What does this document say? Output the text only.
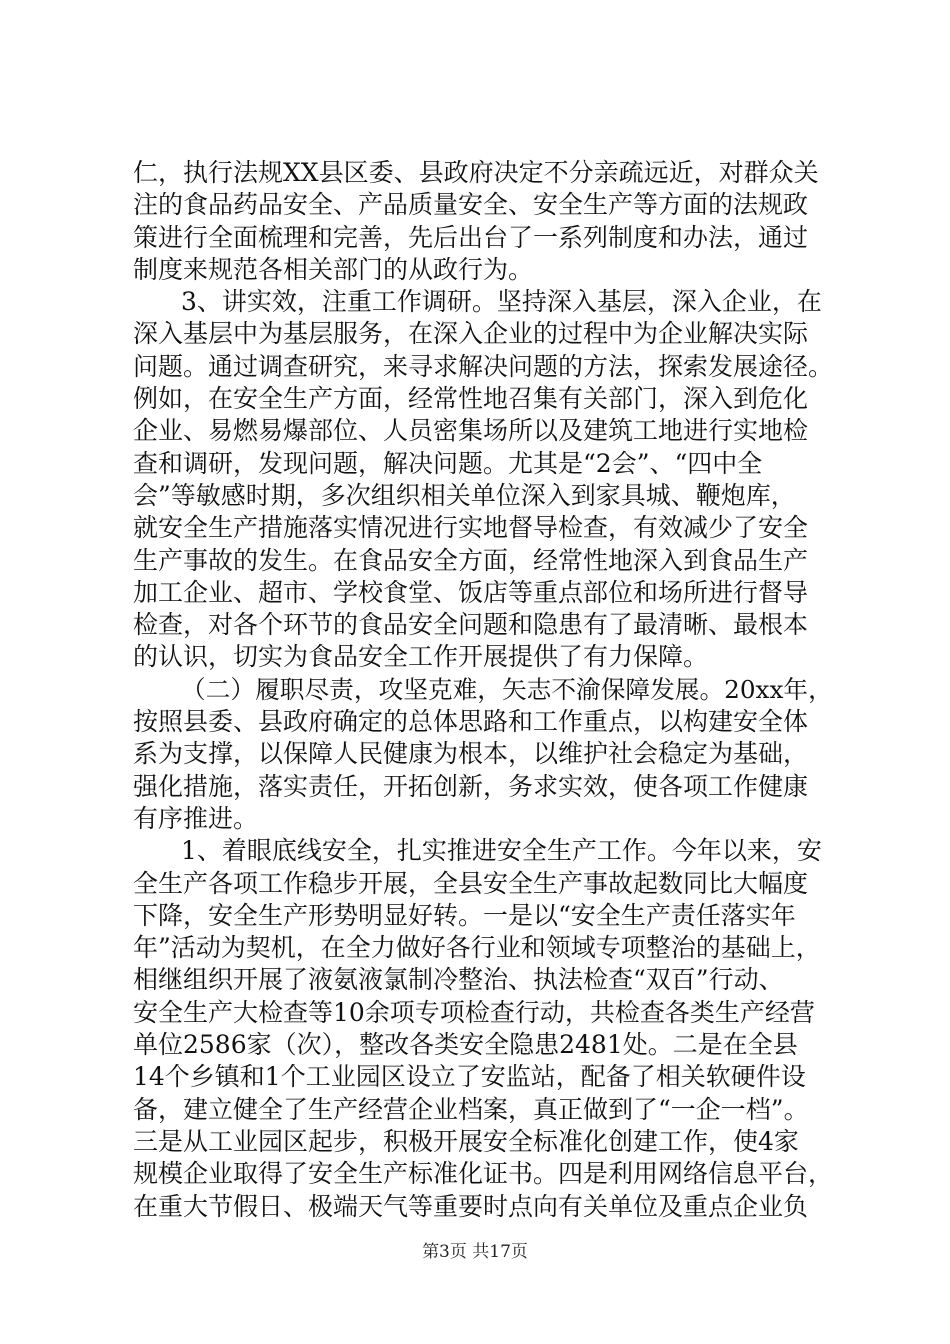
仁，执行法规XX县区委、县政府决定不分亲疏远近，对群众关
注的食品药品安全、产品质量安全、安全生产等方面的法规政
策进行全面梳理和完善，先后出台了一系列制度和办法，通过
制度来规范各相关部门的从政行为。
3、讲实效，注重工作调研。坚持深入基层，深入企业，在
深入基层中为基层服务，在深入企业的过程中为企业解决实际
问题。通过调查研究，来寻求解决问题的方法，探索发展途径。
例如，在安全生产方面，经常性地召集有关部门，深入到危化
企业、易燃易爆部位、人员密集场所以及建筑工地进行实地检
查和调研，发现问题，解决问题。尤其是“2会”、“四中全
会”等敏感时期，多次组织相关单位深入到家具城、鞭炮库，
就安全生产措施落实情况进行实地督导检查，有效减少了安全
生产事故的发生。在食品安全方面，经常性地深入到食品生产
加工企业、超市、学校食堂、饭店等重点部位和场所进行督导
检查，对各个环节的食品安全问题和隐患有了最清晰、最根本
的认识，切实为食品安全工作开展提供了有力保障。
（二）履职尽责，攻坚克难，矢志不渝保障发展。20xx年，
按照县委、县政府确定的总体思路和工作重点，以构建安全体
系为支撑，以保障人民健康为根本，以维护社会稳定为基础，
强化措施，落实责任，开拓创新，务求实效，使各项工作健康
有序推进。
1、着眼底线安全，扎实推进安全生产工作。今年以来，安
全生产各项工作稳步开展，全县安全生产事故起数同比大幅度
下降，安全生产形势明显好转。一是以“安全生产责任落实年
年”活动为契机，在全力做好各行业和领域专项整治的基础上，
相继组织开展了液氨液氯制冷整治、执法检查“双百”行动、
安全生产大检查等10余项专项检查行动，共检查各类生产经营
单位2586家（次），整改各类安全隐患2481处。二是在全县
14个乡镇和1个工业园区设立了安监站，配备了相关软硬件设
备，建立健全了生产经营企业档案，真正做到了“一企一档”。
三是从工业园区起步，积极开展安全标准化创建工作，使4家
规模企业取得了安全生产标准化证书。四是利用网络信息平台，
在重大节假日、极端天气等重要时点向有关单位及重点企业负
第3页 共17页
